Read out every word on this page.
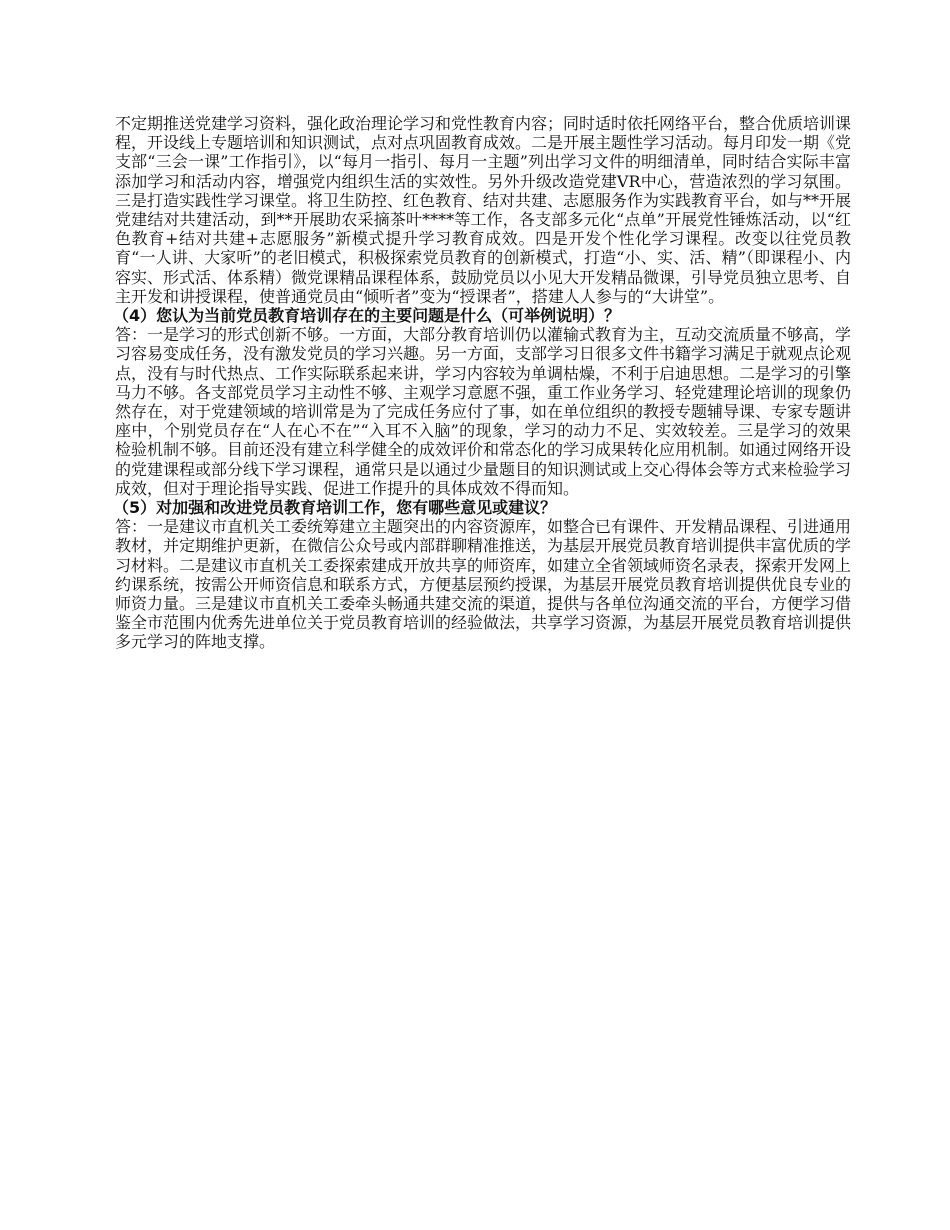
不定期推送党建学习资料，强化政治理论学习和党性教育内容；同时适时依托网络平台，整合优质培训课程，开设线上专题培训和知识测试，点对点巩固教育成效。二是开展主题性学习活动。每月印发一期《党支部“三会一课”工作指引》，以“每月一指引、每月一主题”列出学习文件的明细清单，同时结合实际丰富添加学习和活动内容，增强党内组织生活的实效性。另外升级改造党建VR中心，营造浓烈的学习氛围。三是打造实践性学习课堂。将卫生防控、红色教育、结对共建、志愿服务作为实践教育平台，如与**开展党建结对共建活动，到**开展助农采摘茶叶****等工作，各支部多元化“点单”开展党性锤炼活动，以“红色教育+结对共建+志愿服务”新模式提升学习教育成效。四是开发个性化学习课程。改变以往党员教育“一人讲、大家听”的老旧模式，积极探索党员教育的创新模式，打造“小、实、活、精”（即课程小、内容实、形式活、体系精）微党课精品课程体系，鼓励党员以小见大开发精品微课，引导党员独立思考、自主开发和讲授课程，使普通党员由“倾听者”变为“授课者”，搭建人人参与的“大讲堂”。

（4）您认为当前党员教育培训存在的主要问题是什么（可举例说明）？

答：一是学习的形式创新不够。一方面，大部分教育培训仍以灌输式教育为主，互动交流质量不够高，学习容易变成任务，没有激发党员的学习兴趣。另一方面，支部学习日很多文件书籍学习满足于就观点论观点，没有与时代热点、工作实际联系起来讲，学习内容较为单调枯燥，不利于启迪思想。二是学习的引擎马力不够。各支部党员学习主动性不够、主观学习意愿不强，重工作业务学习、轻党建理论培训的现象仍然存在，对于党建领域的培训常是为了完成任务应付了事，如在单位组织的教授专题辅导课、专家专题讲座中，个别党员存在“人在心不在”“入耳不入脑”的现象，学习的动力不足、实效较差。三是学习的效果检验机制不够。目前还没有建立科学健全的成效评价和常态化的学习成果转化应用机制。如通过网络开设的党建课程或部分线下学习课程，通常只是以通过少量题目的知识测试或上交心得体会等方式来检验学习成效，但对于理论指导实践、促进工作提升的具体成效不得而知。

（5）对加强和改进党员教育培训工作，您有哪些意见或建议？

答：一是建议市直机关工委统筹建立主题突出的内容资源库，如整合已有课件、开发精品课程、引进通用教材，并定期维护更新，在微信公众号或内部群聊精准推送，为基层开展党员教育培训提供丰富优质的学习材料。二是建议市直机关工委探索建成开放共享的师资库，如建立全省领域师资名录表，探索开发网上约课系统，按需公开师资信息和联系方式，方便基层预约授课，为基层开展党员教育培训提供优良专业的师资力量。三是建议市直机关工委牵头畅通共建交流的渠道，提供与各单位沟通交流的平台，方便学习借鉴全市范围内优秀先进单位关于党员教育培训的经验做法，共享学习资源，为基层开展党员教育培训提供多元学习的阵地支撑。
